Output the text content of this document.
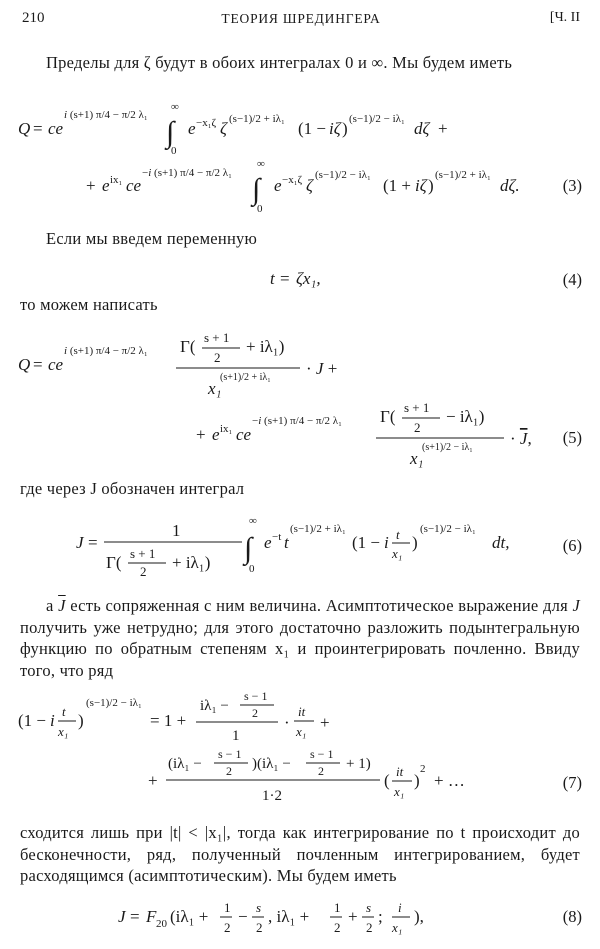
210	ТЕОРИЯ ШРЕДИНГЕРА	[Ч. II
Пределы для ζ будут в обоих интегралах 0 и ∞. Мы будем иметь
Q = ce
i (s+1) π/4 − π/2 λ₁
∫
∞
0
e −x₁ζ ζ (s−1)/2 + iλ₁ (1 − iζ ) (s−1)/2 − iλ₁ dζ +
+ e ix₁ ce
−i (s+1) π/4 − π/2 λ₁ ∫
∞
0
e −x₁ζ ζ
(s−1)/2 − iλ₁
(1 + iζ )
(s−1)/2 + iλ₁
dζ.	(3)
Если мы введем переменную
t = ζx₁,	(4)
то можем написать
Q = ce
i (s+1) π/4 − π/2 λ₁ Γ( s + 1
2
+ iλ₁)
x₁
(s+1)/2 + iλ₁ · J +
+ e ix₁ ce
−i (s+1) π/4 − π/2 λ₁ Γ( s + 1
2
− iλ₁)
x₁
(s+1)/2 − iλ₁ · J, (5)
где через J обозначен интеграл
J =
1
Γ( s + 1
2 + iλ₁) ∫
∞
0
e −t t
(s−1)/2 + iλ₁
(1 − i t
x₁
)
(s−1)/2 − iλ₁
dt,	(6)
а $\overline{J}$ есть сопряженная с ним величина. Асимптотическое выражение для J получить уже нетрудно; для этого достаточно разложить подынтегральную функцию по обратным степеням x₁ и проинтегрировать почленно. Ввиду того, что ряд
(1 − i t
x₁
)
(s−1)/2 − iλ₁
= 1 +
iλ₁ −
s − 1
2
1
·
it
x₁ +
+
(iλ₁ −
s − 1
2 )(iλ₁ −
s − 1
2 + 1)
1·2
( it
x₁
)
2
+ …	(7)
сходится лишь при |t| < |x₁|, тогда как интегрирование по t происходит до бесконечности, ряд, полученный почленным интегрированием, будет расходящимся (асимптотическим). Мы будем иметь
J = F 20 (iλ₁ + 1
2
− s
2
, iλ₁ + 1
2
+ s
2
; i
x₁
),	(8)
